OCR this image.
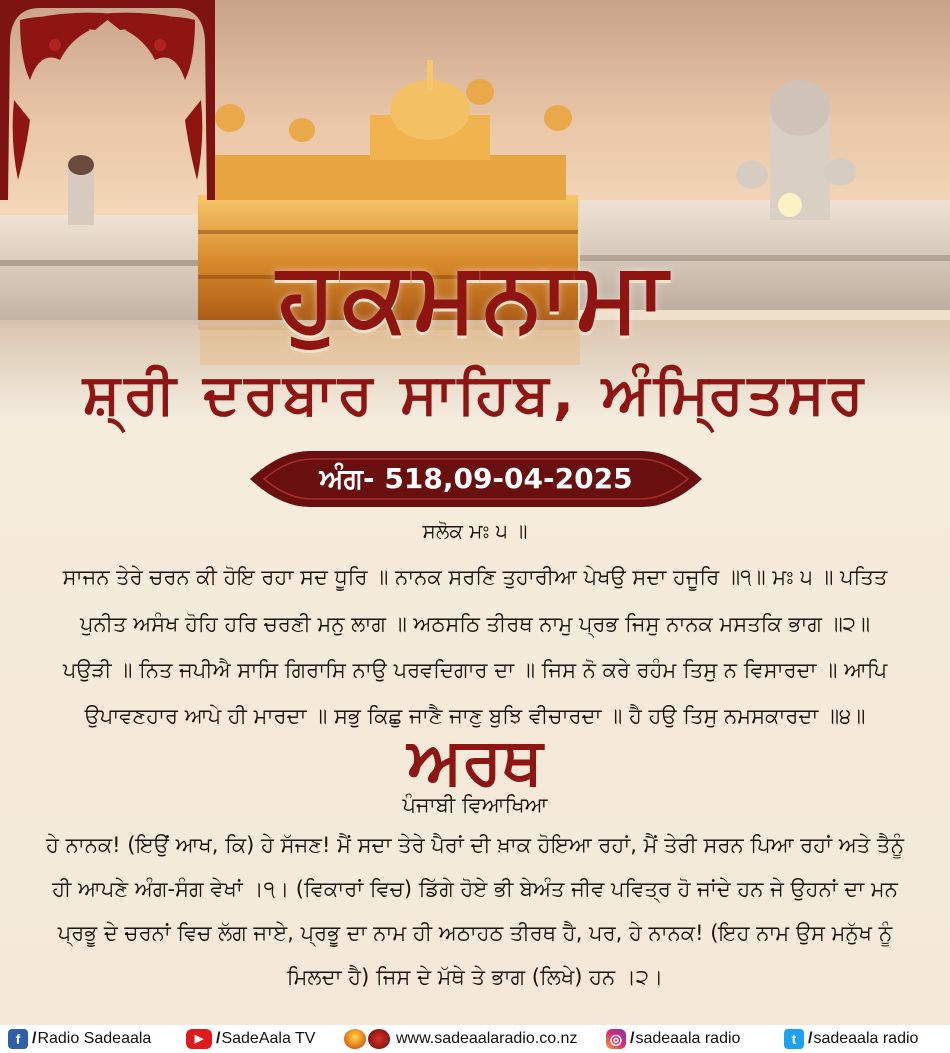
ਹੁਕਮਨਾਮਾ
ਸ਼੍ਰੀ ਦਰਬਾਰ ਸਾਹਿਬ, ਅੰਮ੍ਰਿਤਸਰ
ਅੰਗ- 518,09-04-2025
ਸਲੋਕ ਮਃ ੫ ॥
ਸਾਜਨ ਤੇਰੇ ਚਰਨ ਕੀ ਹੋਇ ਰਹਾ ਸਦ ਧੂਰਿ ॥ ਨਾਨਕ ਸਰਣਿ ਤੁਹਾਰੀਆ ਪੇਖਉ ਸਦਾ ਹਜੂਰਿ ॥੧॥ ਮਃ ੫ ॥ ਪਤਿਤ
ਪੁਨੀਤ ਅਸੰਖ ਹੋਹਿ ਹਰਿ ਚਰਣੀ ਮਨੁ ਲਾਗ ॥ ਅਠਸਠਿ ਤੀਰਥ ਨਾਮੁ ਪ੍ਰਭ ਜਿਸੁ ਨਾਨਕ ਮਸਤਕਿ ਭਾਗ ॥੨॥
ਪਉੜੀ ॥ ਨਿਤ ਜਪੀਐ ਸਾਸਿ ਗਿਰਾਸਿ ਨਾਉ ਪਰਵਦਿਗਾਰ ਦਾ ॥ ਜਿਸ ਨੋ ਕਰੇ ਰਹੰਮ ਤਿਸੁ ਨ ਵਿਸਾਰਦਾ ॥ ਆਪਿ
ਉਪਾਵਣਹਾਰ ਆਪੇ ਹੀ ਮਾਰਦਾ ॥ ਸਭੁ ਕਿਛੁ ਜਾਣੈ ਜਾਣੁ ਬੁਝਿ ਵੀਚਾਰਦਾ ॥ ਹੈ ਹਉ ਤਿਸੁ ਨਮਸਕਾਰਦਾ ॥੪॥
ਅਰਥ
ਪੰਜਾਬੀ ਵਿਆਖਿਆ
ਹੇ ਨਾਨਕ! (ਇਉਂ ਆਖ, ਕਿ) ਹੇ ਸੱਜਣ! ਮੈਂ ਸਦਾ ਤੇਰੇ ਪੈਰਾਂ ਦੀ ਖ਼ਾਕ ਹੋਇਆ ਰਹਾਂ, ਮੈਂ ਤੇਰੀ ਸਰਨ ਪਿਆ ਰਹਾਂ ਅਤੇ ਤੈਨੂੰ
ਹੀ ਆਪਣੇ ਅੰਗ-ਸੰਗ ਵੇਖਾਂ ।੧। (ਵਿਕਾਰਾਂ ਵਿਚ) ਡਿੱਗੇ ਹੋਏ ਭੀ ਬੇਅੰਤ ਜੀਵ ਪਵਿਤ੍ਰ ਹੋ ਜਾਂਦੇ ਹਨ ਜੇ ਉਹਨਾਂ ਦਾ ਮਨ
ਪ੍ਰਭੂ ਦੇ ਚਰਨਾਂ ਵਿਚ ਲੱਗ ਜਾਏ, ਪ੍ਰਭੂ ਦਾ ਨਾਮ ਹੀ ਅਠਾਹਠ ਤੀਰਥ ਹੈ, ਪਰ, ਹੇ ਨਾਨਕ! (ਇਹ ਨਾਮ ਉਸ ਮਨੁੱਖ ਨੂੰ
ਮਿਲਦਾ ਹੈ) ਜਿਸ ਦੇ ਮੱਥੇ ਤੇ ਭਾਗ (ਲਿਖੇ) ਹਨ ।੨।
f / Radio Sadeaala	▶ / SadeAala TV	www.sadeaalaradio.co.nz ◎ / sadeaala radio	t / sadeaala radio
